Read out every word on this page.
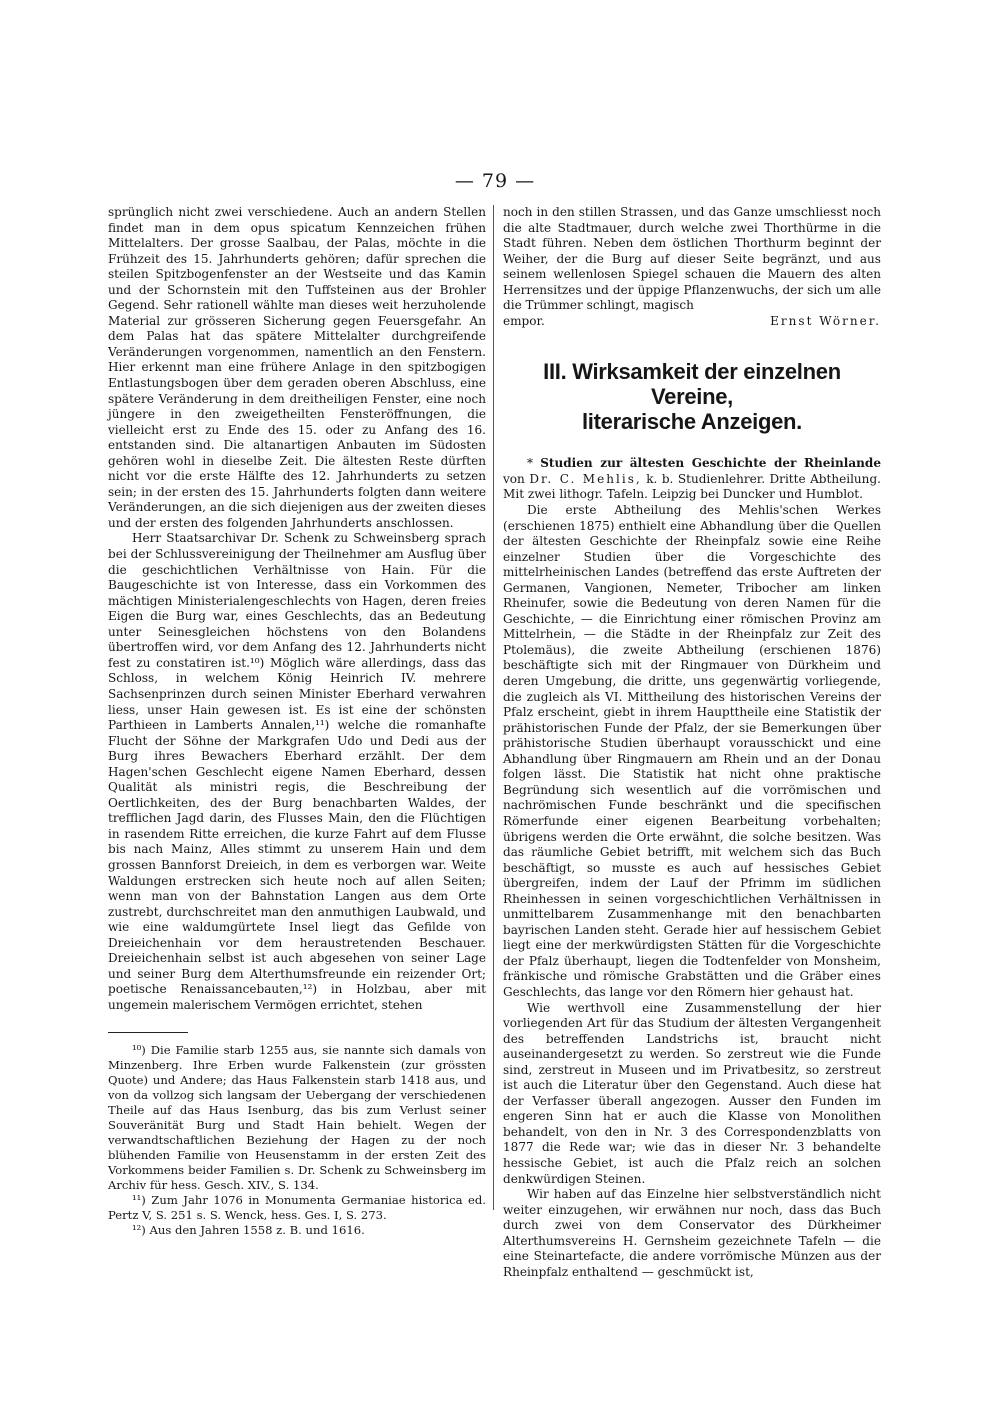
— 79 —

sprünglich nicht zwei verschiedene. Auch an andern Stellen findet man in dem opus spicatum Kennzeichen frühen Mittelalters. Der grosse Saalbau, der Palas, möchte in die Frühzeit des 15. Jahrhunderts gehören; dafür sprechen die steilen Spitzbogenfenster an der Westseite und das Kamin und der Schornstein mit den Tuffsteinen aus der Brohler Gegend. Sehr rationell wählte man dieses weit herzuholende Material zur grösseren Sicherung gegen Feuersgefahr. An dem Palas hat das spätere Mittelalter durchgreifende Veränderungen vorgenommen, namentlich an den Fenstern. Hier erkennt man eine frühere Anlage in den spitzbogigen Entlastungsbogen über dem geraden oberen Abschluss, eine spätere Veränderung in dem dreitheiligen Fenster, eine noch jüngere in den zweigetheilten Fensteröffnungen, die vielleicht erst zu Ende des 15. oder zu Anfang des 16. entstanden sind. Die altanartigen Anbauten im Südosten gehören wohl in dieselbe Zeit. Die ältesten Reste dürften nicht vor die erste Hälfte des 12. Jahrhunderts zu setzen sein; in der ersten des 15. Jahrhunderts folgten dann weitere Veränderungen, an die sich diejenigen aus der zweiten dieses und der ersten des folgenden Jahrhunderts anschlossen.

Herr Staatsarchivar Dr. Schenk zu Schweinsberg sprach bei der Schlussvereinigung der Theilnehmer am Ausflug über die geschichtlichen Verhältnisse von Hain. Für die Baugeschichte ist von Interesse, dass ein Vorkommen des mächtigen Ministerialengeschlechts von Hagen, deren freies Eigen die Burg war, eines Geschlechts, das an Bedeutung unter Seinesgleichen höchstens von den Bolandens übertroffen wird, vor dem Anfang des 12. Jahrhunderts nicht fest zu constatiren ist.¹⁰) Möglich wäre allerdings, dass das Schloss, in welchem König Heinrich IV. mehrere Sachsenprinzen durch seinen Minister Eberhard verwahren liess, unser Hain gewesen ist. Es ist eine der schönsten Parthieen in Lamberts Annalen,¹¹) welche die romanhafte Flucht der Söhne der Markgrafen Udo und Dedi aus der Burg ihres Bewachers Eberhard erzählt. Der dem Hagen'schen Geschlecht eigene Namen Eberhard, dessen Qualität als ministri regis, die Beschreibung der Oertlichkeiten, des der Burg benachbarten Waldes, der trefflichen Jagd darin, des Flusses Main, den die Flüchtigen in rasendem Ritte erreichen, die kurze Fahrt auf dem Flusse bis nach Mainz, Alles stimmt zu unserem Hain und dem grossen Bannforst Dreieich, in dem es verborgen war. Weite Waldungen erstrecken sich heute noch auf allen Seiten; wenn man von der Bahnstation Langen aus dem Orte zustrebt, durchschreitet man den anmuthigen Laubwald, und wie eine waldumgürtete Insel liegt das Gefilde von Dreieichenhain vor dem heraustretenden Beschauer. Dreieichenhain selbst ist auch abgesehen von seiner Lage und seiner Burg dem Alterthumsfreunde ein reizender Ort; poetische Renaissancebauten,¹²) in Holzbau, aber mit ungemein malerischem Vermögen errichtet, stehen

¹⁰) Die Familie starb 1255 aus, sie nannte sich damals von Minzenberg. Ihre Erben wurde Falkenstein (zur grössten Quote) und Andere; das Haus Falkenstein starb 1418 aus, und von da vollzog sich langsam der Uebergang der verschiedenen Theile auf das Haus Isenburg, das bis zum Verlust seiner Souveränität Burg und Stadt Hain behielt. Wegen der verwandtschaftlichen Beziehung der Hagen zu der noch blühenden Familie von Heusenstamm in der ersten Zeit des Vorkommens beider Familien s. Dr. Schenk zu Schweinsberg im Archiv für hess. Gesch. XIV., S. 134.

¹¹) Zum Jahr 1076 in Monumenta Germaniae historica ed. Pertz V, S. 251 s. S. Wenck, hess. Ges. I, S. 273.

¹²) Aus den Jahren 1558 z. B. und 1616.

noch in den stillen Strassen, und das Ganze umschliesst noch die alte Stadtmauer, durch welche zwei Thorthürme in die Stadt führen. Neben dem östlichen Thorthurm beginnt der Weiher, der die Burg auf dieser Seite begränzt, und aus seinem wellenlosen Spiegel schauen die Mauern des alten Herrensitzes und der üppige Pflanzenwuchs, der sich um alle die Trümmer schlingt, magisch

empor.	Ernst Wörner.
III. Wirksamkeit der einzelnen Vereine,
literarische Anzeigen.

* Studien zur ältesten Geschichte der Rheinlande von Dr. C. Mehlis, k. b. Studienlehrer. Dritte Abtheilung. Mit zwei lithogr. Tafeln. Leipzig bei Duncker und Humblot.

Die erste Abtheilung des Mehlis'schen Werkes (erschienen 1875) enthielt eine Abhandlung über die Quellen der ältesten Geschichte der Rheinpfalz sowie eine Reihe einzelner Studien über die Vorgeschichte des mittelrheinischen Landes (betreffend das erste Auftreten der Germanen, Vangionen, Nemeter, Tribocher am linken Rheinufer, sowie die Bedeutung von deren Namen für die Geschichte, — die Einrichtung einer römischen Provinz am Mittelrhein, — die Städte in der Rheinpfalz zur Zeit des Ptolemäus), die zweite Abtheilung (erschienen 1876) beschäftigte sich mit der Ringmauer von Dürkheim und deren Umgebung, die dritte, uns gegenwärtig vorliegende, die zugleich als VI. Mittheilung des historischen Vereins der Pfalz erscheint, giebt in ihrem Haupttheile eine Statistik der prähistorischen Funde der Pfalz, der sie Bemerkungen über prähistorische Studien überhaupt vorausschickt und eine Abhandlung über Ringmauern am Rhein und an der Donau folgen lässt. Die Statistik hat nicht ohne praktische Begründung sich wesentlich auf die vorrömischen und nachrömischen Funde beschränkt und die specifischen Römerfunde einer eigenen Bearbeitung vorbehalten; übrigens werden die Orte erwähnt, die solche besitzen. Was das räumliche Gebiet betrifft, mit welchem sich das Buch beschäftigt, so musste es auch auf hessisches Gebiet übergreifen, indem der Lauf der Pfrimm im südlichen Rheinhessen in seinen vorgeschichtlichen Verhältnissen in unmittelbarem Zusammenhange mit den benachbarten bayrischen Landen steht. Gerade hier auf hessischem Gebiet liegt eine der merkwürdigsten Stätten für die Vorgeschichte der Pfalz überhaupt, liegen die Todtenfelder von Monsheim, fränkische und römische Grabstätten und die Gräber eines Geschlechts, das lange vor den Römern hier gehaust hat.

Wie werthvoll eine Zusammenstellung der hier vorliegenden Art für das Studium der ältesten Vergangenheit des betreffenden Landstrichs ist, braucht nicht auseinandergesetzt zu werden. So zerstreut wie die Funde sind, zerstreut in Museen und im Privatbesitz, so zerstreut ist auch die Literatur über den Gegenstand. Auch diese hat der Verfasser überall angezogen. Ausser den Funden im engeren Sinn hat er auch die Klasse von Monolithen behandelt, von den in Nr. 3 des Correspondenzblatts von 1877 die Rede war; wie das in dieser Nr. 3 behandelte hessische Gebiet, ist auch die Pfalz reich an solchen denkwürdigen Steinen.

Wir haben auf das Einzelne hier selbstverständlich nicht weiter einzugehen, wir erwähnen nur noch, dass das Buch durch zwei von dem Conservator des Dürkheimer Alterthumsvereins H. Gernsheim gezeichnete Tafeln — die eine Steinartefacte, die andere vorrömische Münzen aus der Rheinpfalz enthaltend — geschmückt ist,
